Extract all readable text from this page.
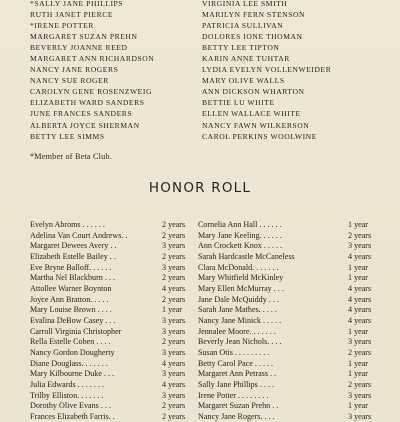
*SALLY JANE PHILLIPS
RUTH JANET PIERCE
*IRENE POTTER
MARGARET SUZAN PREHN
BEVERLY JOANNE REED
MARGARET ANN RICHARDSON
NANCY JANE ROGERS
NANCY SUE ROGER
CAROLYN GENE ROSENZWEIG
ELIZABETH WARD SANDERS
JUNE FRANCES SANDERS
ALBERTA JOYCE SHERMAN
BETTY LEE SIMMS
VIRGINIA LEE SMITH
MARILYN FERN STENSON
PATRICIA SULLIVAN
DOLORES IONE THOMAN
BETTY LEE TIPTON
KARIN ANNE TUHTAR
LYDIA EVELYN VOLLENWEIDER
MARY OLIVE WALLS
ANN DICKSON WHARTON
BETTIE LU WHITE
ELLEN WALLACE WHITE
NANCY FAWN WILKERSON
CAROL PERKINS WOOLWINE
*Member of Beta Club.
HONOR ROLL
Evelyn Abroms . . . . . .	2 years
Adelina Van Court Andrews. .	2 years
Margaret Dewees Avery . .	3 years
Elizabeth Estelle Bailey . .	2 years
Eve Bryne Balloff. . . . . .	3 years
Martha Nel Blackburn . . .	2 years
Attollee Warner Boynton	4 years
Joyce Ann Bratton. . . . .	2 years
Mary Louise Brown . . . .	1 year
Evalina DeBow Casey . . .	3 years
Carroll Virginia Christopher	3 years
Rella Estelle Coben . . . .	2 years
Nancy Gordon Dougherty	3 years
Diane Douglass. . . . . . .	4 years
Mary Kilbourne Duke . . .	3 years
Julia Edwards . . . . . . .	4 years
Trilby Elliston. . . . . . .	3 years
Dorothy Olive Evans . . .	2 years
Frances Elizabeth Farris. .	2 years
Cornelia Ann Hall . . . . . .	1 year
Mary Jane Keeling. . . . . .	2 years
Ann Crockett Knox . . . . .	3 years
Sarah Hardcastle McCaneless	4 years
Clara McDonald. . . . . . .	1 year
Mary Whitfield McKinley	1 year
Mary Ellen McMurray . . .	4 years
Jane Dale McQuiddy . . .	4 years
Sarah Jane Mathes. . . . .	4 years
Nancy Jane Minick . . . . .	4 years
Jennalee Moore. . . . . . .	1 year
Beverly Jean Nichols. . . .	3 years
Susan Otis . . . . . . . . .	2 years
Betty Carol Pace . . . . .	1 year
Margaret Ann Petrass . .	1 year
Sally Jane Phillips . . . .	2 years
Irene Potter . . . . . . . .	3 years
Margaret Suzan Prehn . .	1 year
Nancy Jane Rogers. . . .	3 years
